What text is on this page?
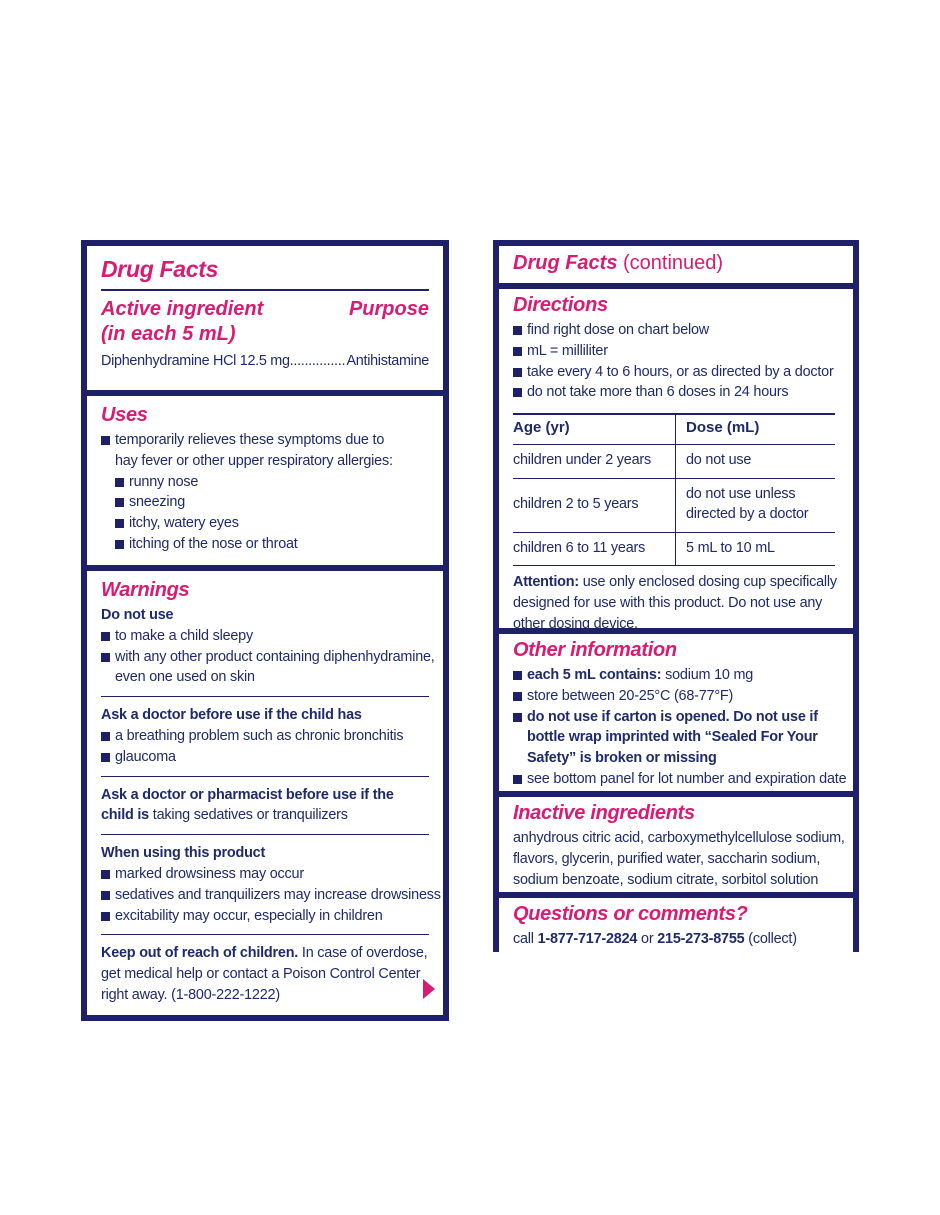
Drug Facts
Active ingredient
(in each 5 mL)
Purpose
Diphenhydramine HCl 12.5 mg............... Antihistamine
Uses
temporarily relieves these symptoms due to
hay fever or other upper respiratory allergies:
runny nose
sneezing
itchy, watery eyes
itching of the nose or throat
Warnings
Do not use
to make a child sleepy
with any other product containing diphenhydramine,
even one used on skin
Ask a doctor before use if the child has
a breathing problem such as chronic bronchitis
glaucoma
Ask a doctor or pharmacist before use if the
child is taking sedatives or tranquilizers
When using this product
marked drowsiness may occur
sedatives and tranquilizers may increase drowsiness
excitability may occur, especially in children
Keep out of reach of children. In case of overdose,
get medical help or contact a Poison Control Center
right away. (1-800-222-1222)
Drug Facts (continued)
Directions
find right dose on chart below
mL = milliliter
take every 4 to 6 hours, or as directed by a doctor
do not take more than 6 doses in 24 hours
Age (yr)	Dose (mL)
children under 2 years	do not use
children 2 to 5 years	do not use unless
directed by a doctor

children 6 to 11 years	5 mL to 10 mL
Attention: use only enclosed dosing cup specifically
designed for use with this product. Do not use any
other dosing device.
Other information
each 5 mL contains: sodium 10 mg
store between 20-25°C (68-77°F)
do not use if carton is opened. Do not use if
bottle wrap imprinted with “Sealed For Your
Safety” is broken or missing
see bottom panel for lot number and expiration date
Inactive ingredients
anhydrous citric acid, carboxymethylcellulose sodium,
flavors, glycerin, purified water, saccharin sodium,
sodium benzoate, sodium citrate, sorbitol solution
Questions or comments?
call 1-877-717-2824 or 215-273-8755 (collect)
